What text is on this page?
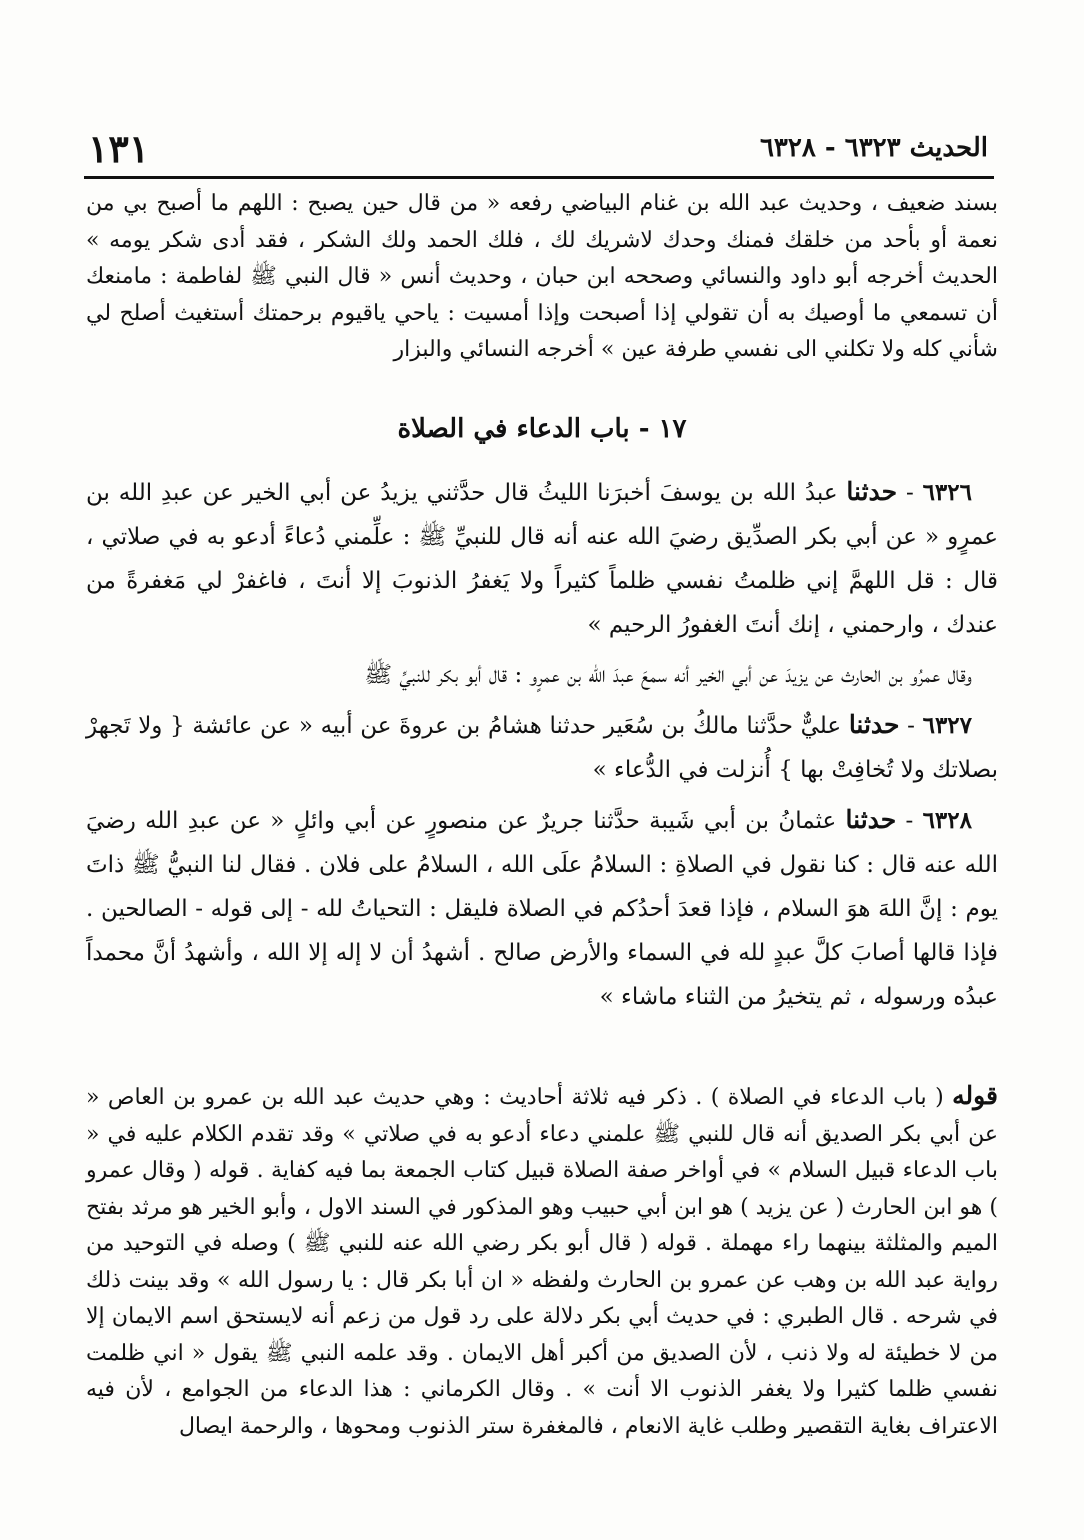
الحديث ٦٣٢٣ - ٦٣٢٨
١٣١
بسند ضعيف ، وحديث عبد الله بن غنام البياضي رفعه « من قال حين يصبح : اللهم ما أصبح بي من نعمة أو بأحد من خلقك فمنك وحدك لاشريك لك ، فلك الحمد ولك الشكر ، فقد أدى شكر يومه » الحديث أخرجه أبو داود والنسائي وصححه ابن حبان ، وحديث أنس « قال النبي ﷺ لفاطمة : مامنعك أن تسمعي ما أوصيك به أن تقولي إذا أصبحت وإذا أمسيت : ياحي ياقيوم برحمتك أستغيث أصلح لي شأني كله ولا تكلني الى نفسي طرفة عين » أخرجه النسائي والبزار
١٧ - باب الدعاء في الصلاة

٦٣٢٦ - حدثنا عبدُ الله بن يوسفَ أخبرَنا الليثُ قال حدَّثني يزيدُ عن أبي الخير عن عبدِ الله بن عمرٍو « عن أبي بكر الصدِّيق رضيَ الله عنه أنه قال للنبيِّ ﷺ : علِّمني دُعاءً أدعو به في صلاتي ، قال : قل اللهمَّ إني ظلمتُ نفسي ظلماً كثيراً ولا يَغفرُ الذنوبَ إلا أنتَ ، فاغفرْ لي مَغفرةً من عندك ، وارحمني ، إنك أنتَ الغفورُ الرحيم »

وقال عمرُو بن الحارث عن يزيدَ عن أبي الخير أنه سمعَ عبدَ الله بن عمرٍو : قال أبو بكر للنبيِّ ﷺ

٦٣٢٧ - حدثنا عليٌّ حدَّثنا مالكُ بن سُعَير حدثنا هشامُ بن عروةَ عن أبيه « عن عائشة { ولا تَجهرْ بصلاتك ولا تُخافِتْ بها } أُنزلت في الدُّعاء »

٦٣٢٨ - حدثنا عثمانُ بن أبي شَيبة حدَّثنا جريرٌ عن منصورٍ عن أبي وائلٍ « عن عبدِ الله رضيَ الله عنه قال : كنا نقول في الصلاةِ : السلامُ علَى الله ، السلامُ على فلان . فقال لنا النبيُّ ﷺ ذاتَ يوم : إنَّ اللهَ هوَ السلام ، فإذا قعدَ أحدُكم في الصلاة فليقل : التحياتُ لله - إلى قوله - الصالحين . فإذا قالها أصابَ كلَّ عبدٍ لله في السماء والأرض صالح . أشهدُ أن لا إله إلا الله ، وأشهدُ أنَّ محمداً عبدُه ورسوله ، ثم يتخيرُ من الثناء ماشاء »

قوله ( باب الدعاء في الصلاة ) . ذكر فيه ثلاثة أحاديث : وهي حديث عبد الله بن عمرو بن العاص « عن أبي بكر الصديق أنه قال للنبي ﷺ علمني دعاء أدعو به في صلاتي » وقد تقدم الكلام عليه في « باب الدعاء قبيل السلام » في أواخر صفة الصلاة قبيل كتاب الجمعة بما فيه كفاية . قوله ( وقال عمرو ) هو ابن الحارث ( عن يزيد ) هو ابن أبي حبيب وهو المذكور في السند الاول ، وأبو الخير هو مرثد بفتح الميم والمثلثة بينهما راء مهملة . قوله ( قال أبو بكر رضي الله عنه للنبي ﷺ ) وصله في التوحيد من رواية عبد الله بن وهب عن عمرو بن الحارث ولفظه « ان أبا بكر قال : يا رسول الله » وقد بينت ذلك في شرحه . قال الطبري : في حديث أبي بكر دلالة على رد قول من زعم أنه لايستحق اسم الايمان إلا من لا خطيئة له ولا ذنب ، لأن الصديق من أكبر أهل الايمان . وقد علمه النبي ﷺ يقول « اني ظلمت نفسي ظلما كثيرا ولا يغفر الذنوب الا أنت » . وقال الكرماني : هذا الدعاء من الجوامع ، لأن فيه الاعتراف بغاية التقصير وطلب غاية الانعام ، فالمغفرة ستر الذنوب ومحوها ، والرحمة ايصال
